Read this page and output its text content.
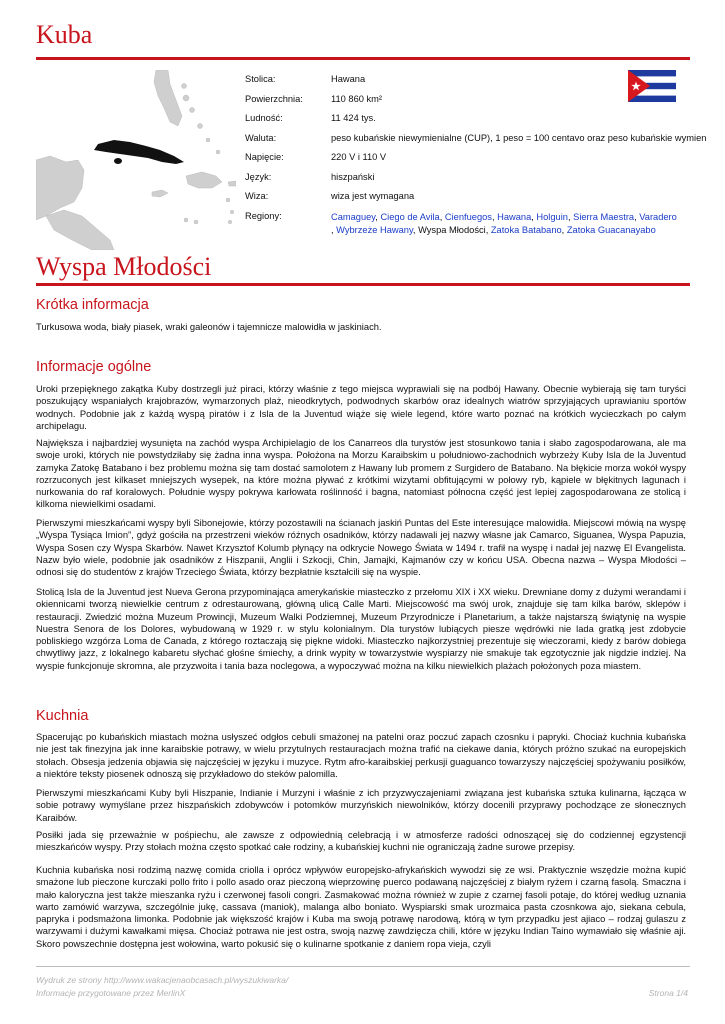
Kuba
Stolica:	Hawana
Powierzchnia:	110 860 km²
Ludność:	11 424 tys.
Waluta:	peso kubańskie niewymienialne (CUP), 1 peso = 100 centavo oraz peso kubańskie wymien
Napięcie:	220 V i 110 V
Język:	hiszpański
Wiza:	wiza jest wymagana
Regiony:	Camaguey, Ciego de Avila, Cienfuegos, Hawana, Holguin, Sierra Maestra, Varadero
, Wybrzeże Hawany, Wyspa Młodości, Zatoka Batabano, Zatoka Guacanayabo
Wyspa Młodości
Krótka informacja

Turkusowa woda, biały piasek, wraki galeonów i tajemnicze malowidła w jaskiniach.

Informacje ogólne

Uroki przepięknego zakątka Kuby dostrzegli już piraci, którzy właśnie z tego miejsca wyprawiali się na podbój Hawany. Obecnie wybierają się tam turyści poszukujący wspaniałych krajobrazów, wymarzonych plaż, nieodkrytych, podwodnych skarbów oraz idealnych wiatrów sprzyjających uprawianiu sportów wodnych. Podobnie jak z każdą wyspą piratów i z Isla de la Juventud wiąże się wiele legend, które warto poznać na krótkich wycieczkach po całym archipelagu.

Największa i najbardziej wysunięta na zachód wyspa Archipielagio de los Canarreos dla turystów jest stosunkowo tania i słabo zagospodarowana, ale ma swoje uroki, których nie powstydziłaby się żadna inna wyspa. Położona na Morzu Karaibskim u południowo-zachodnich wybrzeży Kuby Isla de la Juventud zamyka Zatokę Batabano i bez problemu można się tam dostać samolotem z Hawany lub promem z Surgidero de Batabano. Na błękicie morza wokół wyspy rozrzuconych jest kilkaset mniejszych wysepek, na które można pływać z krótkimi wizytami obfitującymi w połowy ryb, kąpiele w błękitnych lagunach i nurkowania do raf koralowych. Południe wyspy pokrywa karłowata roślinność i bagna, natomiast północna część jest lepiej zagospodarowana ze stolicą i kilkoma niewielkimi osadami.

Pierwszymi mieszkańcami wyspy byli Sibonejowie, którzy pozostawili na ścianach jaskiń Puntas del Este interesujące malowidła. Miejscowi mówią na wyspę „Wyspa Tysiąca Imion”, gdyż gościła na przestrzeni wieków różnych osadników, którzy nadawali jej nazwy własne jak Camarco, Siguanea, Wyspa Papuzia, Wyspa Sosen czy Wyspa Skarbów. Nawet Krzysztof Kolumb płynący na odkrycie Nowego Świata w 1494 r. trafił na wyspę i nadał jej nazwę El Evangelista. Nazw było wiele, podobnie jak osadników z Hiszpanii, Anglii i Szkocji, Chin, Jamajki, Kajmanów czy w końcu USA. Obecna nazwa – Wyspa Młodości – odnosi się do studentów z krajów Trzeciego Świata, którzy bezpłatnie kształcili się na wyspie.

Stolicą Isla de la Juventud jest Nueva Gerona przypominająca amerykańskie miasteczko z przełomu XIX i XX wieku. Drewniane domy z dużymi werandami i okiennicami tworzą niewielkie centrum z odrestaurowaną, główną ulicą Calle Marti. Miejscowość ma swój urok, znajduje się tam kilka barów, sklepów i restauracji. Zwiedzić można Muzeum Prowincji, Muzeum Walki Podziemnej, Muzeum Przyrodnicze i Planetarium, a także najstarszą świątynię na wyspie Nuestra Senora de los Dolores, wybudowaną w 1929 r. w stylu kolonialnym. Dla turystów lubiących piesze wędrówki nie lada gratką jest zdobycie pobliskiego wzgórza Loma de Canada, z którego roztaczają się piękne widoki. Miasteczko najkorzystniej prezentuje się wieczorami, kiedy z barów dobiega chwytliwy jazz, z lokalnego kabaretu słychać głośne śmiechy, a drink wypity w towarzystwie wyspiarzy nie smakuje tak egzotycznie jak nigdzie indziej. Na wyspie funkcjonuje skromna, ale przyzwoita i tania baza noclegowa, a wypoczywać można na kilku niewielkich plażach położonych poza miastem.

Kuchnia

Spacerując po kubańskich miastach można usłyszeć odgłos cebuli smażonej na patelni oraz poczuć zapach czosnku i papryki. Chociaż kuchnia kubańska nie jest tak finezyjna jak inne karaibskie potrawy, w wielu przytulnych restauracjach można trafić na ciekawe dania, których próżno szukać na europejskich stołach. Obsesja jedzenia objawia się najczęściej w języku i muzyce. Rytm afro-karaibskiej perkusji guaguanco towarzyszy najczęściej spożywaniu posiłków, a niektóre teksty piosenek odnoszą się przykładowo do steków palomilla.

Pierwszymi mieszkańcami Kuby byli Hiszpanie, Indianie i Murzyni i właśnie z ich przyzwyczajeniami związana jest kubańska sztuka kulinarna, łącząca w sobie potrawy wymyślane przez hiszpańskich zdobywców i potomków murzyńskich niewolników, którzy docenili przyprawy pochodzące ze słonecznych Karaibów.

Posiłki jada się przeważnie w pośpiechu, ale zawsze z odpowiednią celebracją i w atmosferze radości odnoszącej się do codziennej egzystencji mieszkańców wyspy. Przy stołach można często spotkać całe rodziny, a kubańskiej kuchni nie ograniczają żadne surowe przepisy.

Kuchnia kubańska nosi rodzimą nazwę comida criolla i oprócz wpływów europejsko-afrykańskich wywodzi się ze wsi. Praktycznie wszędzie można kupić smażone lub pieczone kurczaki pollo frito i pollo asado oraz pieczoną wieprzowinę puerco podawaną najczęściej z białym ryżem i czarną fasolą. Smaczna i mało kaloryczna jest także mieszanka ryżu i czerwonej fasoli congri. Zasmakować można również w zupie z czarnej fasoli potaje, do której według uznania warto zamówić warzywa, szczególnie jukę, cassava (maniok), malanga albo boniato. Wyspiarski smak urozmaica pasta czosnkowa ajo, siekana cebula, papryka i podsmażona limonka. Podobnie jak większość krajów i Kuba ma swoją potrawę narodową, którą w tym przypadku jest ajiaco – rodzaj gulaszu z warzywami i dużymi kawałkami mięsa. Chociaż potrawa nie jest ostra, swoją nazwę zawdzięcza chili, które w języku Indian Taino wymawiało się właśnie aji. Skoro powszechnie dostępna jest wołowina, warto pokusić się o kulinarne spotkanie z daniem ropa vieja, czyli

Wydruk ze strony http://www.wakacjenaobcasach.pl/wyszukiwarka/
Informacje przygotowane przez MerlinX	Strona 1/4
